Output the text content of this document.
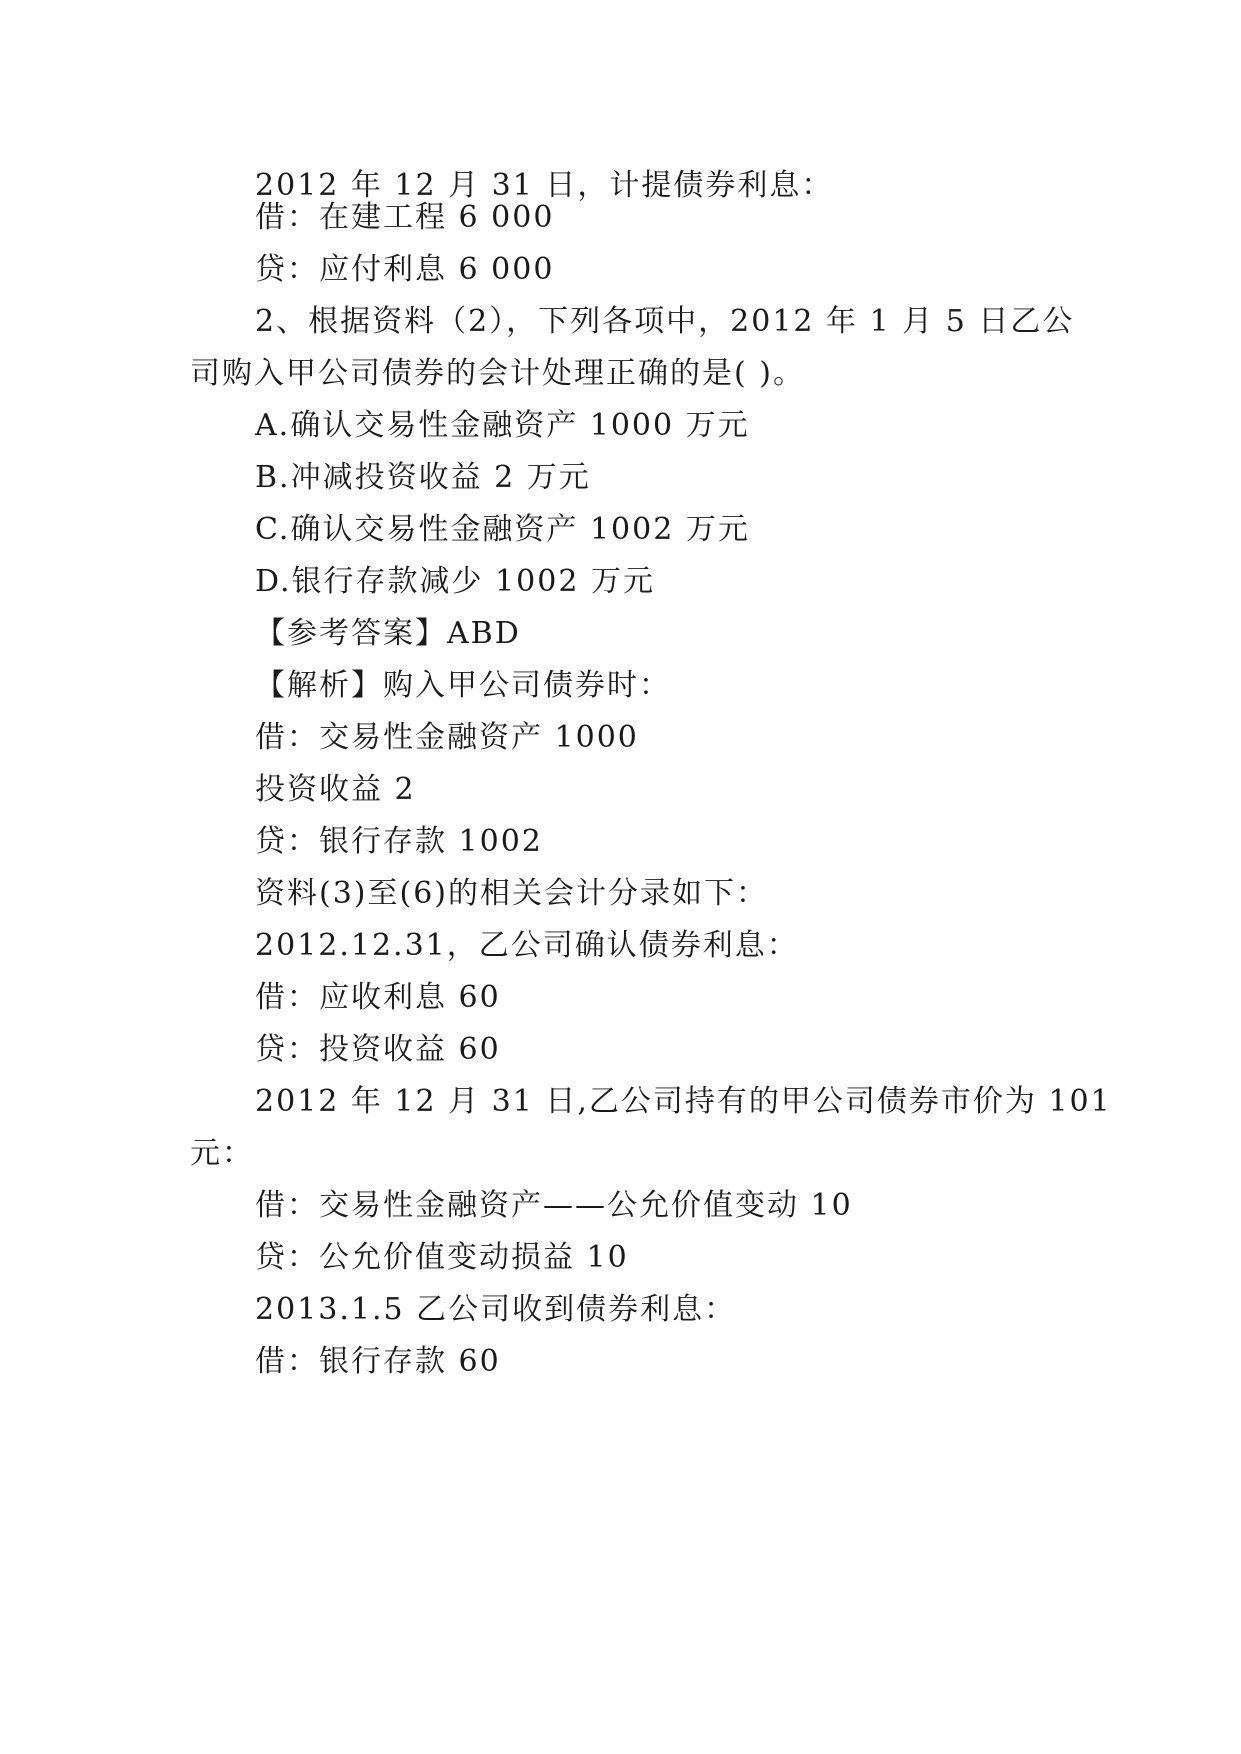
2012 年 12 月 31 日，计提债券利息：
借：在建工程 6 000
贷：应付利息 6 000
2、根据资料（2），下列各项中，2012 年 1 月 5 日乙公
司购入甲公司债券的会计处理正确的是( )。
A.确认交易性金融资产 1000 万元
B.冲减投资收益 2 万元
C.确认交易性金融资产 1002 万元
D.银行存款减少 1002 万元
【参考答案】ABD
【解析】购入甲公司债券时：
借：交易性金融资产 1000
投资收益 2
贷：银行存款 1002
资料(3)至(6)的相关会计分录如下：
2012.12.31，乙公司确认债券利息：
借：应收利息 60
贷：投资收益 60
2012 年 12 月 31 日,乙公司持有的甲公司债券市价为 101
元：
借：交易性金融资产——公允价值变动 10
贷：公允价值变动损益 10
2013.1.5 乙公司收到债券利息：
借：银行存款 60
